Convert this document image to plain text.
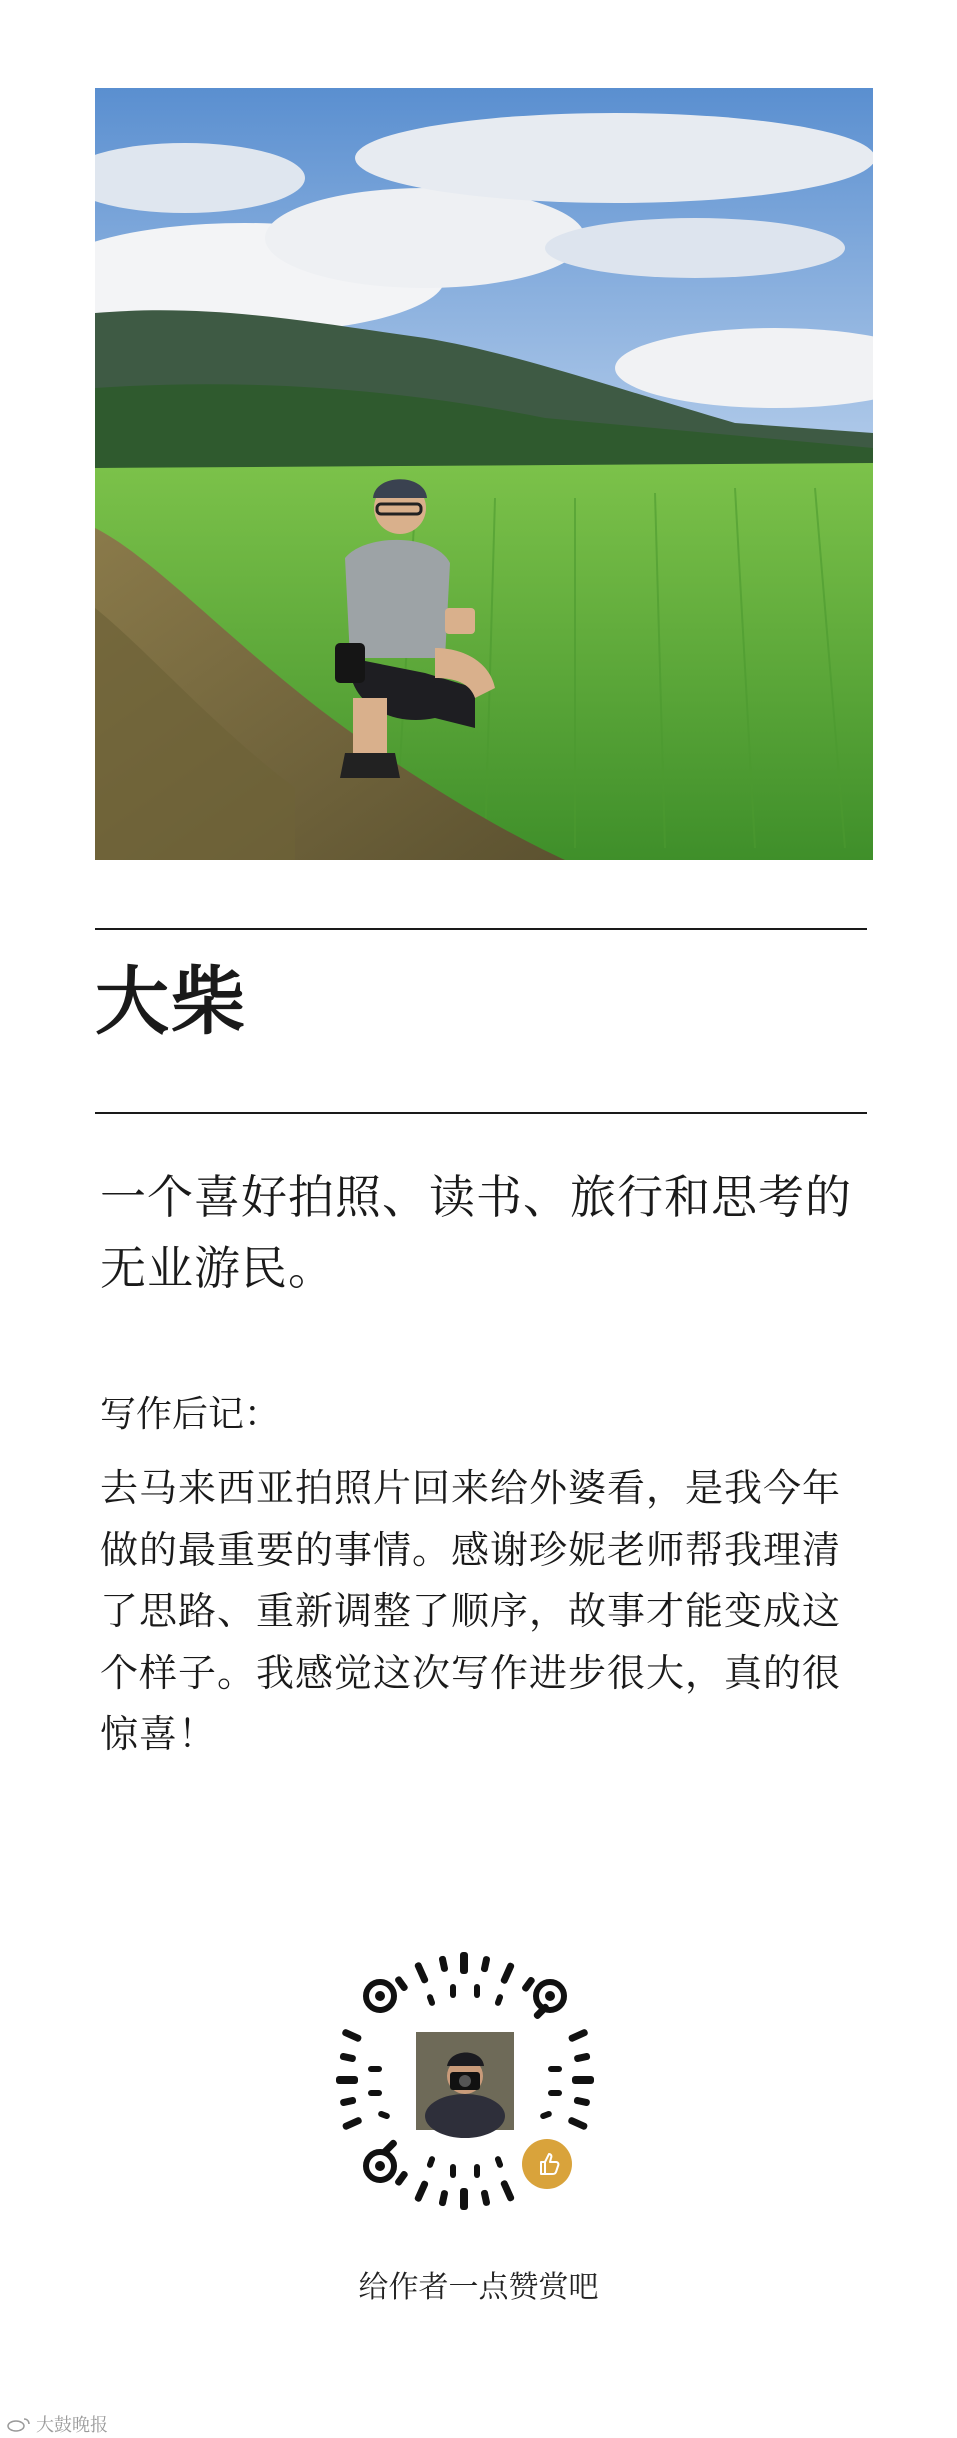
大柴
一个喜好拍照、读书、旅行和思考的无业游民。
写作后记：
去马来西亚拍照片回来给外婆看，是我今年做的最重要的事情。感谢珍妮老师帮我理清了思路、重新调整了顺序，故事才能变成这个样子。我感觉这次写作进步很大，真的很惊喜！
给作者一点赞赏吧
大鼓晚报
